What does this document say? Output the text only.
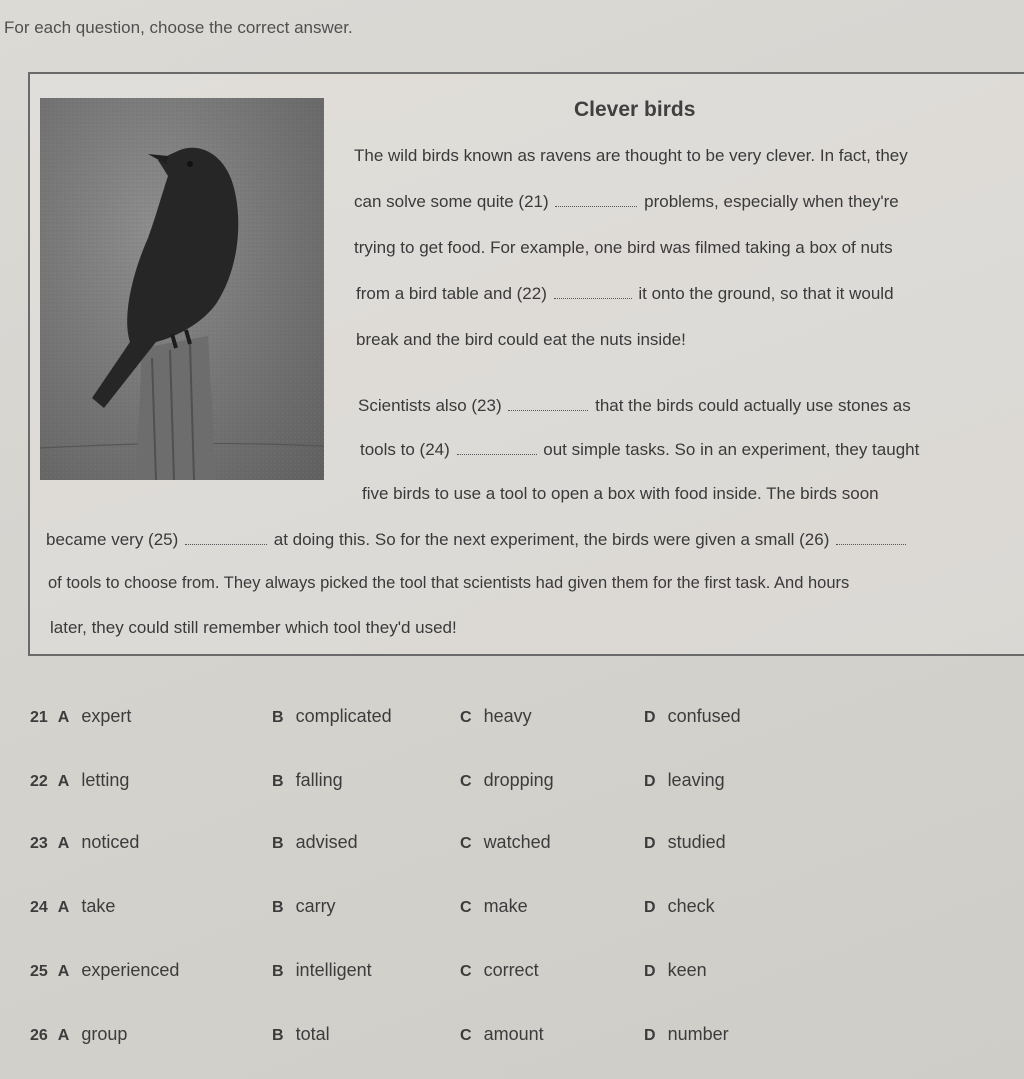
For each question, choose the correct answer.
Clever birds
The wild birds known as ravens are thought to be very clever. In fact, they
can solve some quite (21)	problems, especially when they're
trying to get food. For example, one bird was filmed taking a box of nuts
from a bird table and (22)	it onto the ground, so that it would
break and the bird could eat the nuts inside!
Scientists also (23)	that the birds could actually use stones as
tools to (24)	out simple tasks. So in an experiment, they taught
five birds to use a tool to open a box with food inside. The birds soon
became very (25)	at doing this. So for the next experiment, the birds were given a small (26)
of tools to choose from. They always picked the tool that scientists had given them for the first task. And hours
later, they could still remember which tool they'd used!
21 A expert	B complicated	C heavy	D confused
22 A letting	B falling	C dropping	D leaving
23 A noticed	B advised	C watched	D studied
24 A take	B carry	C make	D check
25 A experienced	B intelligent	C correct	D keen
26 A group	B total	C amount	D number
